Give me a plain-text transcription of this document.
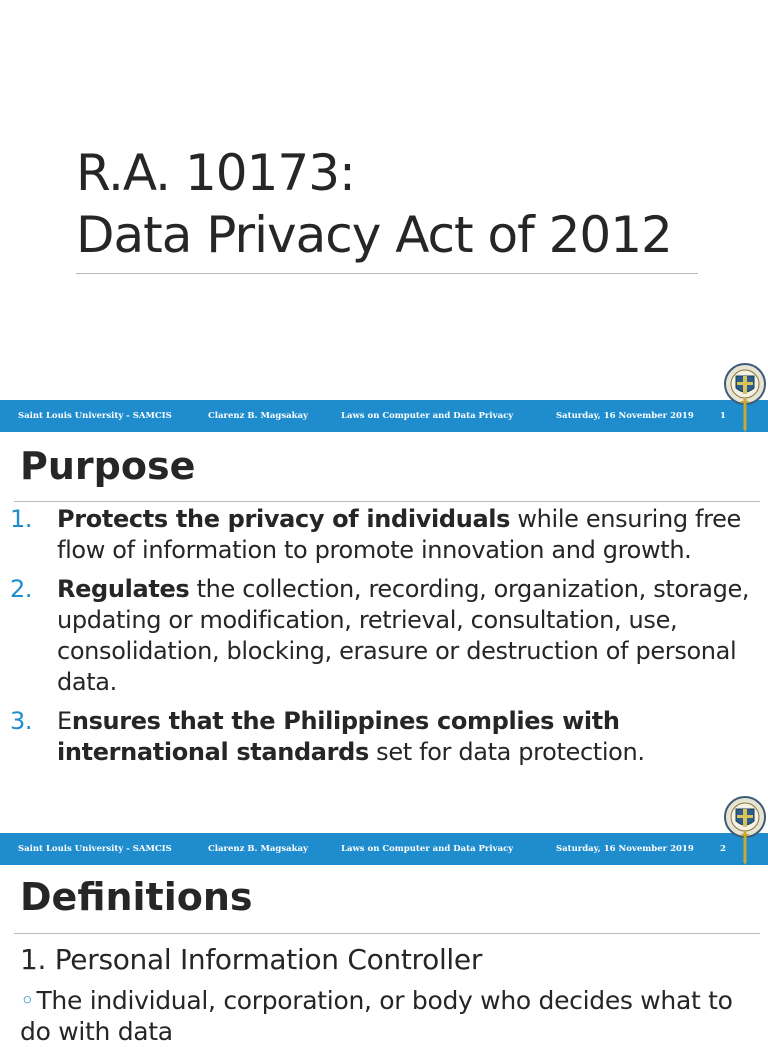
R.A. 10173:
Data Privacy Act of 2012
Saint Louis University - SAMCIS	Clarenz B. Magsakay	Laws on Computer and Data Privacy	Saturday, 16 November 2019	1
Purpose
1. Protects the privacy of individuals while ensuring free flow of information to promote innovation and growth.
2. Regulates the collection, recording, organization, storage, updating or modification, retrieval, consultation, use, consolidation, blocking, erasure or destruction of personal data.
3. Ensures that the Philippines complies with international standards set for data protection.
Saint Louis University - SAMCIS	Clarenz B. Magsakay	Laws on Computer and Data Privacy	Saturday, 16 November 2019	2
Definitions
1. Personal Information Controller
◦The individual, corporation, or body who decides what to do with data
